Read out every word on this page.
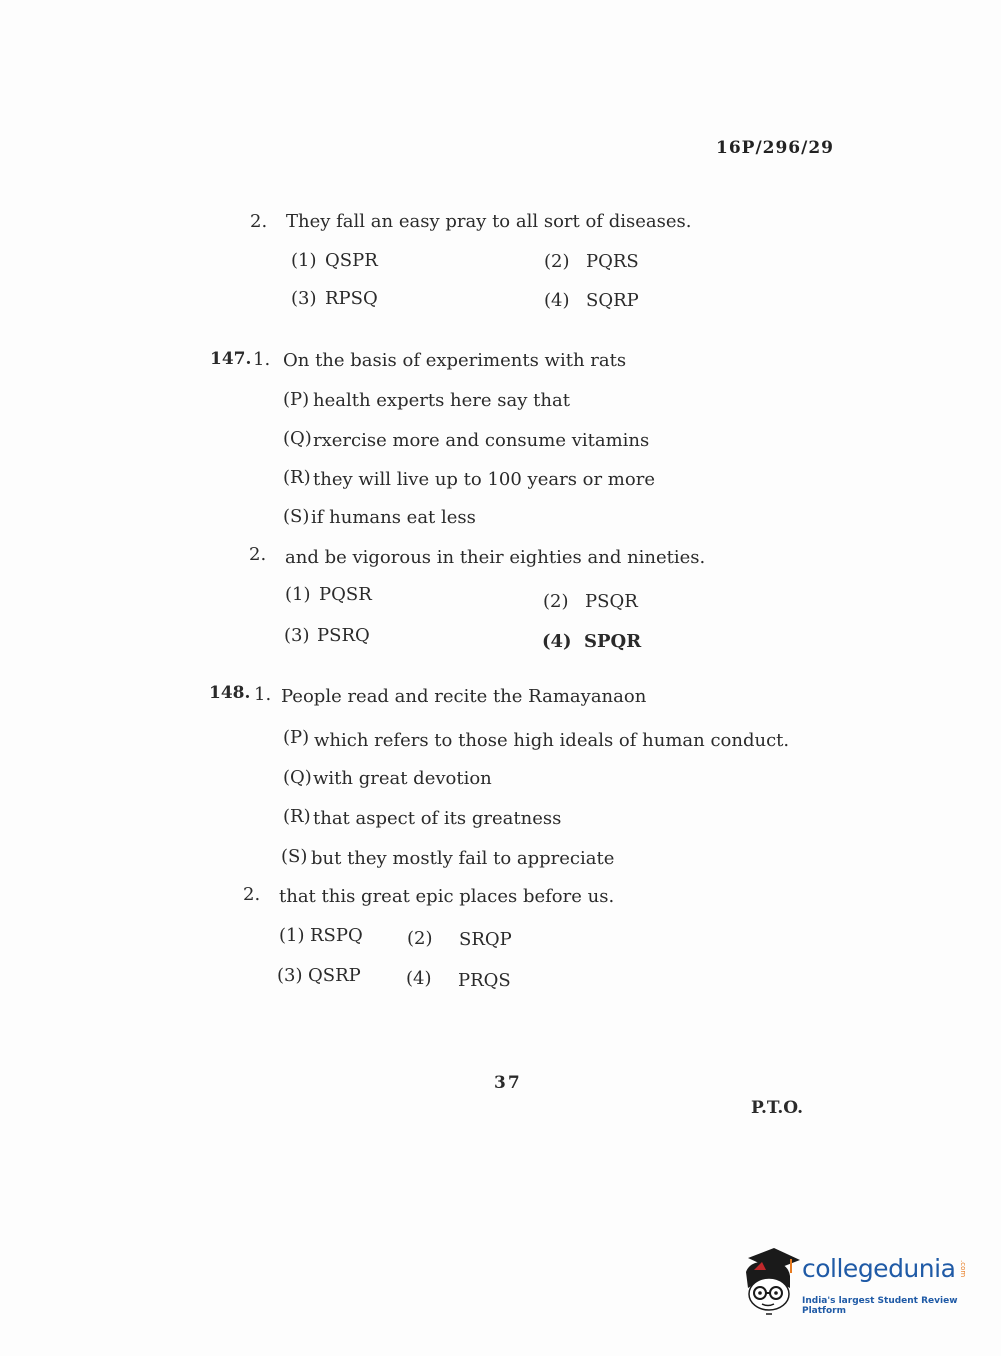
16P/296/29
2. They fall an easy pray to all sort of diseases.
(1) QSPR	(2) PQRS
(3) RPSQ	(4) SQRP
147. 1. On the basis of experiments with rats
(P) health experts here say that
(Q) rxercise more and consume vitamins
(R) they will live up to 100 years or more
(S) if humans eat less
2. and be vigorous in their eighties and nineties.
(1) PQSR	(2) PSQR
(3) PSRQ	(4) SPQR
148. 1. People read and recite the Ramayanaon
(P) which refers to those high ideals of human conduct.
(Q) with great devotion
(R) that aspect of its greatness
(S) but they mostly fail to appreciate
2. that this great epic places before us.
(1) RSPQ (2) SRQP
(3) QSRP	(4) PRQS
37
P.T.O.
collegedunia .com
India's largest Student Review Platform
